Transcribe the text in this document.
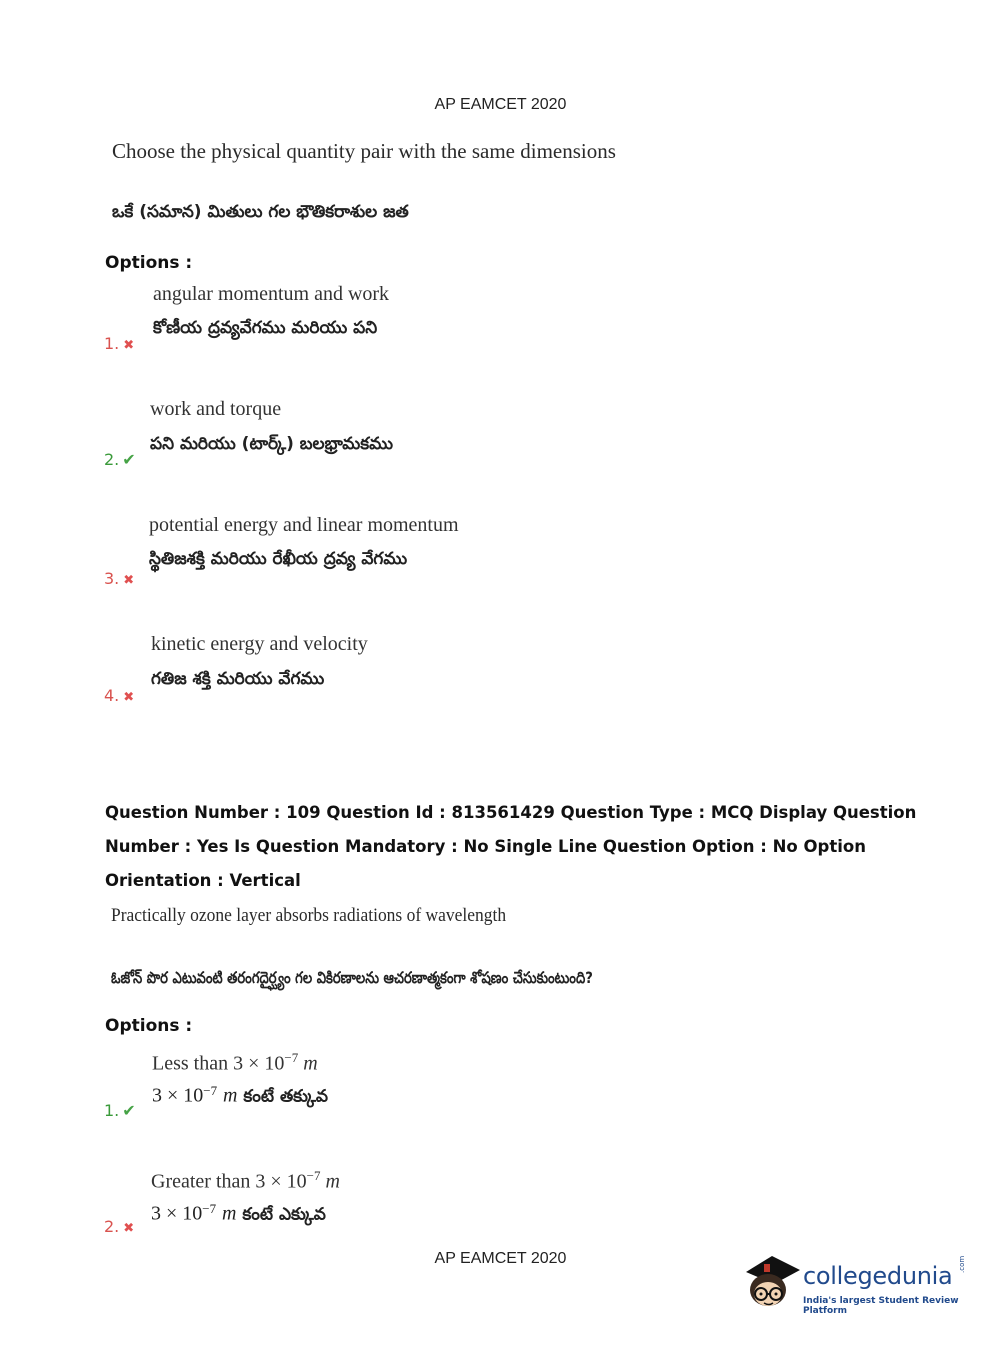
AP EAMCET 2020
Choose the physical quantity pair with the same dimensions
ఒకే (సమాన) మితులు గల భౌతికరాశుల జత
Options :
angular momentum and work
కోణీయ ద్రవ్యవేగము మరియు పని
1. ✖
work and torque
పని మరియు (టార్క్) బలభ్రామకము
2. ✔
potential energy and linear momentum
స్థితిజశక్తి మరియు రేఖీయ ద్రవ్య వేగము
3. ✖
kinetic energy and velocity
గతిజ శక్తి మరియు వేగము
4. ✖
Question Number : 109 Question Id : 813561429 Question Type : MCQ Display Question
Number : Yes Is Question Mandatory : No Single Line Question Option : No Option
Orientation : Vertical
Practically ozone layer absorbs radiations of wavelength
ఓజోన్ పొర ఎటువంటి తరంగదైర్ఘ్యం గల వికిరణాలను ఆచరణాత్మకంగా శోషణం చేసుకుంటుంది?
Options :
Less than $3 \times 10^{-7}$ m
$3 \times 10^{-7}$ m కంటే తక్కువ
1. ✔
Greater than $3 \times 10^{-7}$ m
$3 \times 10^{-7}$ m కంటే ఎక్కువ
2. ✖
AP EAMCET 2020
collegedunia
India's largest Student Review Platform
.com
